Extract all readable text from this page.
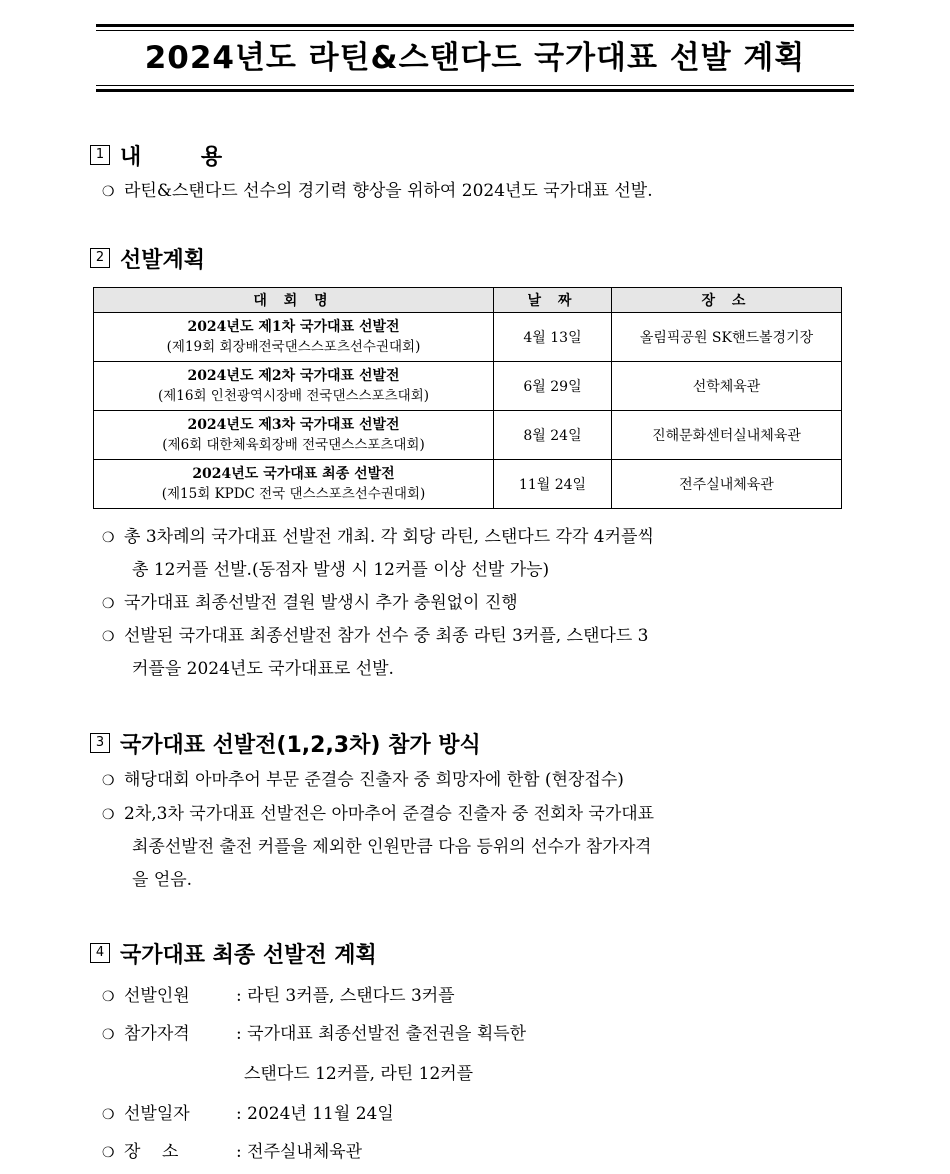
2024년도 라틴&스탠다드 국가대표 선발 계획
1 내 용
❍ 라틴&스탠다드 선수의 경기력 향상을 위하여 2024년도 국가대표 선발.
2 선발계획
대 회 명	날 짜	장 소

2024년도 제1차 국가대표 선발전
(제19회 회장배전국댄스스포츠선수권대회)	4월 13일	올림픽공원 SK핸드볼경기장

2024년도 제2차 국가대표 선발전
(제16회 인천광역시장배 전국댄스스포츠대회)	6월 29일	선학체육관

2024년도 제3차 국가대표 선발전
(제6회 대한체육회장배 전국댄스스포츠대회)	8월 24일	진해문화센터실내체육관

2024년도 국가대표 최종 선발전
(제15회 KPDC 전국 댄스스포츠선수권대회)	11월 24일	전주실내체육관
❍ 총 3차례의 국가대표 선발전 개최. 각 회당 라틴, 스탠다드 각각 4커플씩
총 12커플 선발.(동점자 발생 시 12커플 이상 선발 가능)
❍ 국가대표 최종선발전 결원 발생시 추가 충원없이 진행
❍ 선발된 국가대표 최종선발전 참가 선수 중 최종 라틴 3커플, 스탠다드 3
커플을 2024년도 국가대표로 선발.
3 국가대표 선발전(1,2,3차) 참가 방식
❍ 해당대회 아마추어 부문 준결승 진출자 중 희망자에 한함 (현장접수)
❍ 2차,3차 국가대표 선발전은 아마추어 준결승 진출자 중 전회차 국가대표
최종선발전 출전 커플을 제외한 인원만큼 다음 등위의 선수가 참가자격
을 얻음.
4 국가대표 최종 선발전 계획
❍ 선발인원	: 라틴 3커플, 스탠다드 3커플
❍ 참가자격	: 국가대표 최종선발전 출전권을 획득한
스탠다드 12커플, 라틴 12커플
❍ 선발일자	: 2024년 11월 24일
❍ 장    소	: 전주실내체육관
